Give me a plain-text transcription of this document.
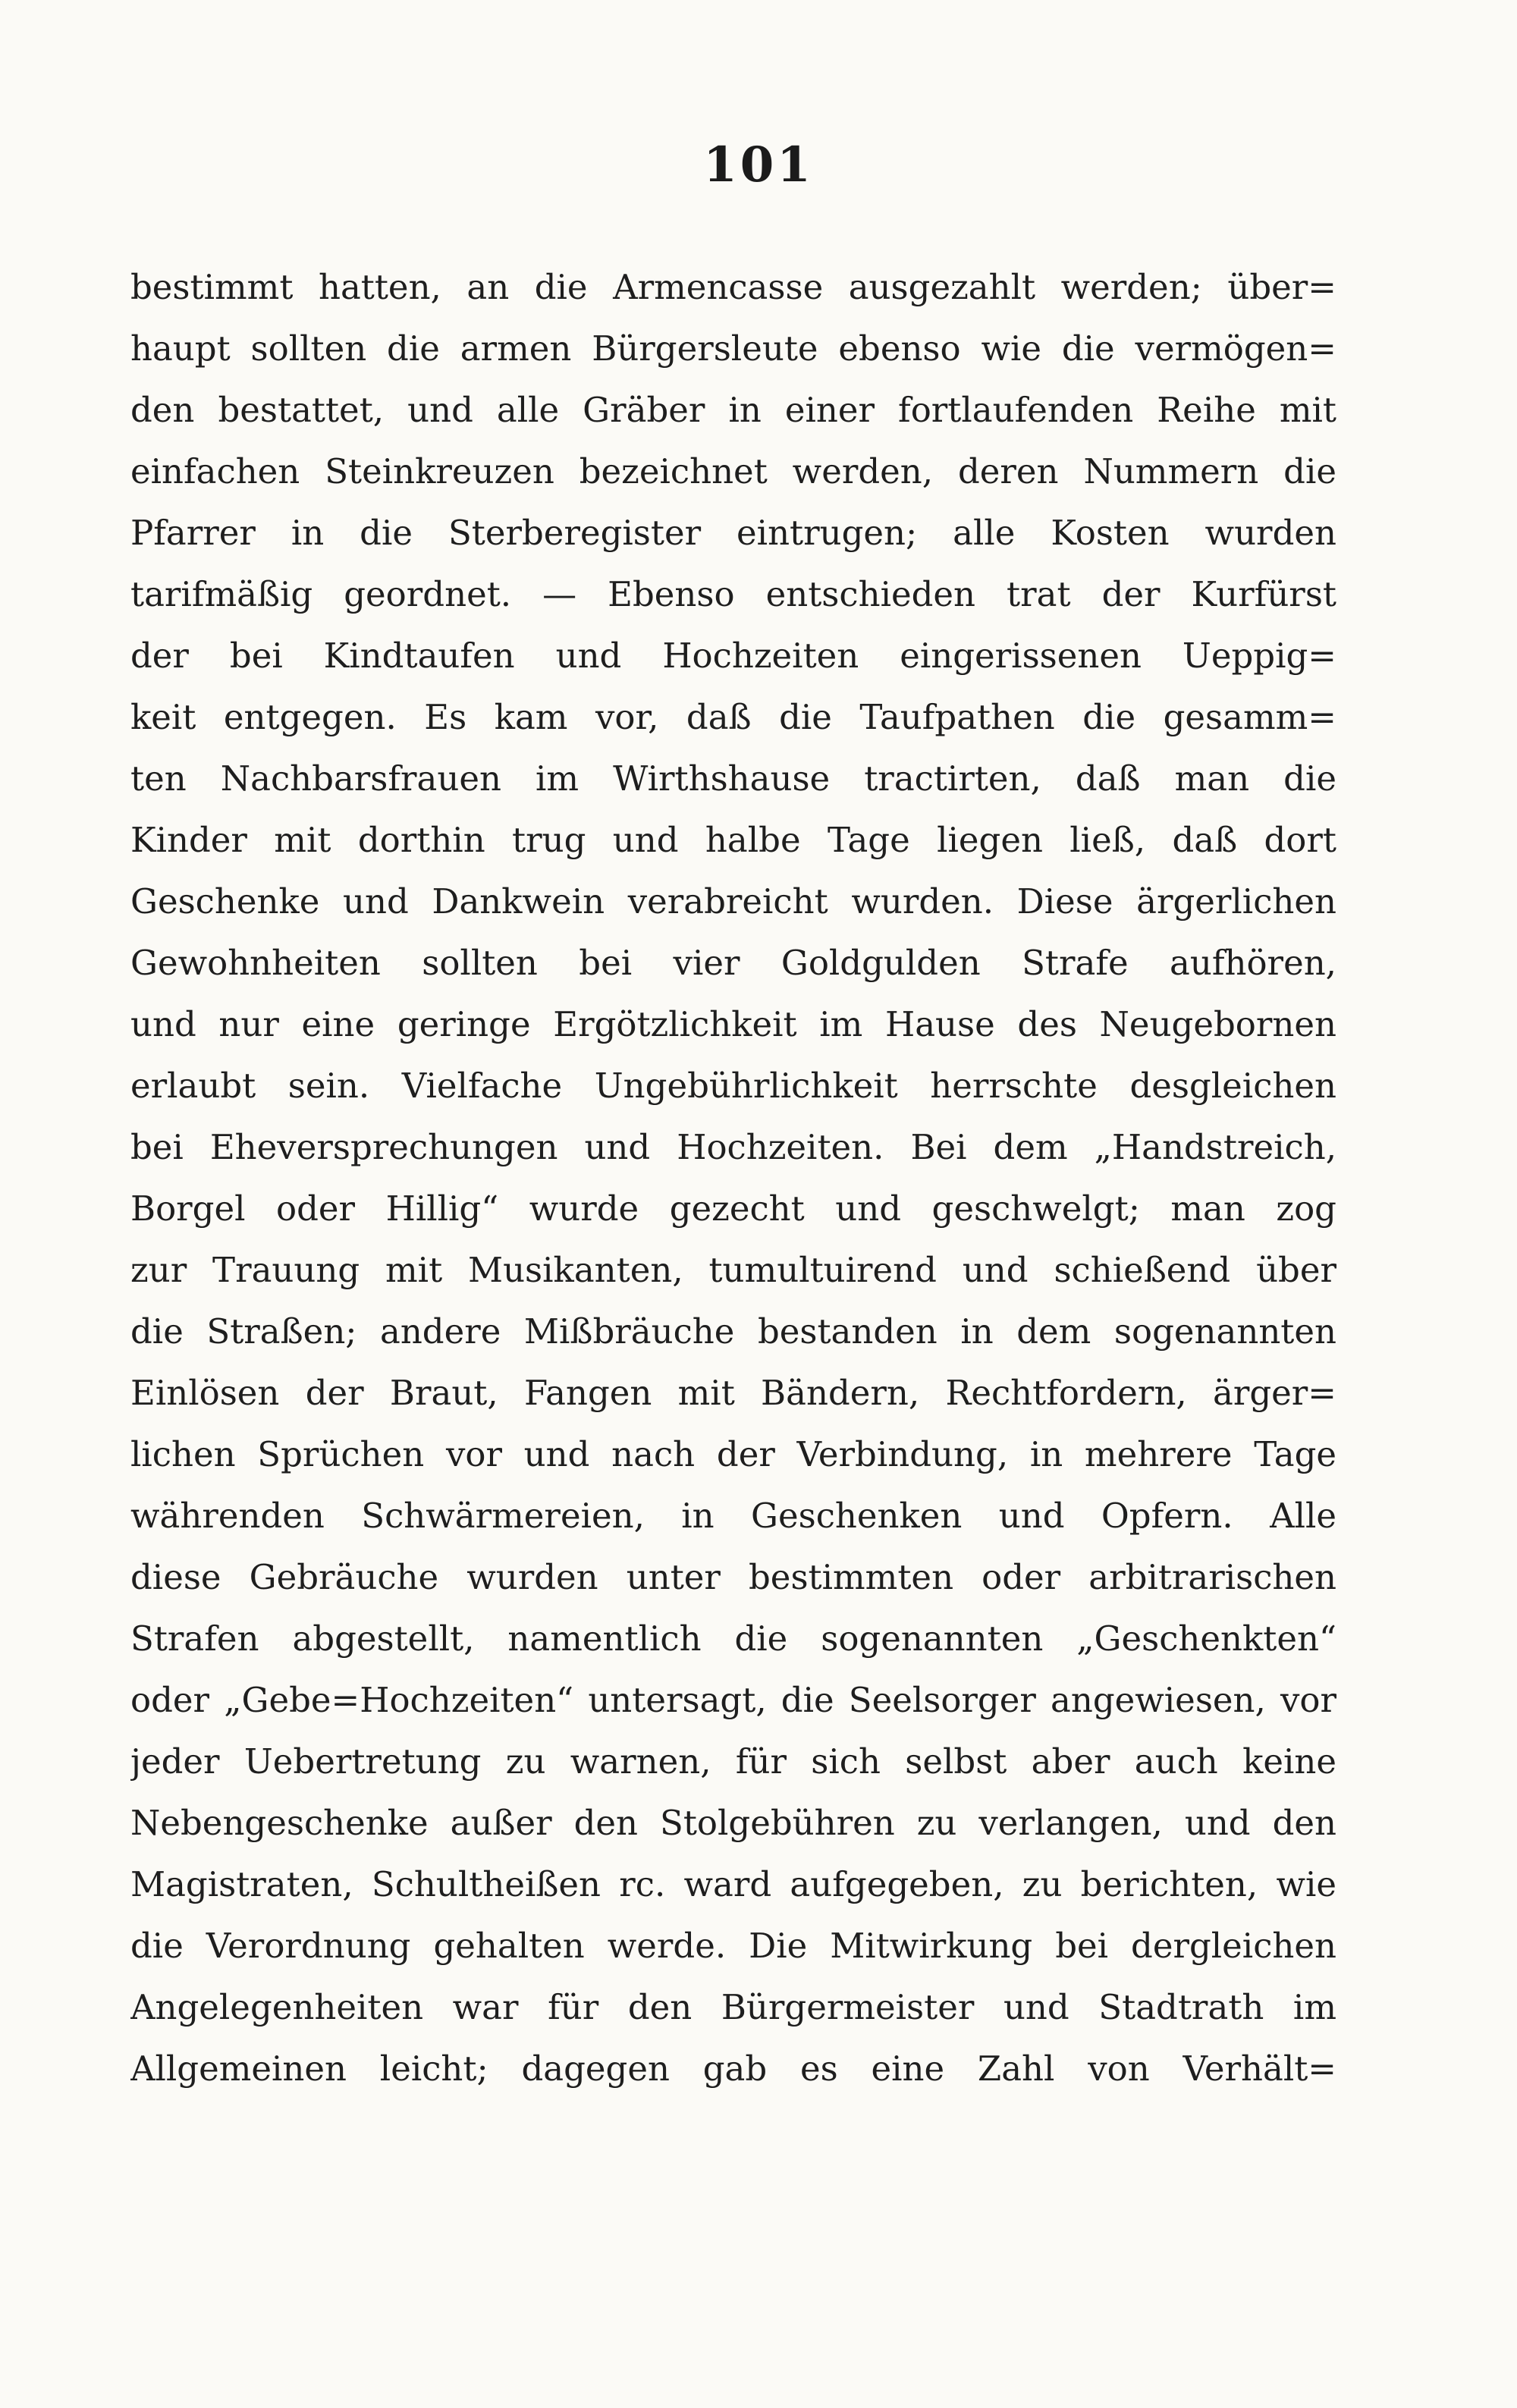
101
bestimmt hatten, an die Armencasse ausgezahlt werden; über=
haupt sollten die armen Bürgersleute ebenso wie die vermögen=
den bestattet, und alle Gräber in einer fortlaufenden Reihe mit
einfachen Steinkreuzen bezeichnet werden, deren Nummern die
Pfarrer in die Sterberegister eintrugen; alle Kosten wurden
tarifmäßig geordnet. — Ebenso entschieden trat der Kurfürst
der bei Kindtaufen und Hochzeiten eingerissenen Ueppig=
keit entgegen. Es kam vor, daß die Taufpathen die gesamm=
ten Nachbarsfrauen im Wirthshause tractirten, daß man die
Kinder mit dorthin trug und halbe Tage liegen ließ, daß dort
Geschenke und Dankwein verabreicht wurden. Diese ärgerlichen
Gewohnheiten sollten bei vier Goldgulden Strafe aufhören,
und nur eine geringe Ergötzlichkeit im Hause des Neugebornen
erlaubt sein. Vielfache Ungebührlichkeit herrschte desgleichen
bei Eheversprechungen und Hochzeiten. Bei dem „Handstreich,
Borgel oder Hillig“ wurde gezecht und geschwelgt; man zog
zur Trauung mit Musikanten, tumultuirend und schießend über
die Straßen; andere Mißbräuche bestanden in dem sogenannten
Einlösen der Braut, Fangen mit Bändern, Rechtfordern, ärger=
lichen Sprüchen vor und nach der Verbindung, in mehrere Tage
währenden Schwärmereien, in Geschenken und Opfern. Alle
diese Gebräuche wurden unter bestimmten oder arbitrarischen
Strafen abgestellt, namentlich die sogenannten „Geschenkten“
oder „Gebe=Hochzeiten“ untersagt, die Seelsorger angewiesen, vor
jeder Uebertretung zu warnen, für sich selbst aber auch keine
Nebengeschenke außer den Stolgebühren zu verlangen, und den
Magistraten, Schultheißen rc. ward aufgegeben, zu berichten, wie
die Verordnung gehalten werde. Die Mitwirkung bei dergleichen
Angelegenheiten war für den Bürgermeister und Stadtrath im
Allgemeinen leicht; dagegen gab es eine Zahl von Verhält=
